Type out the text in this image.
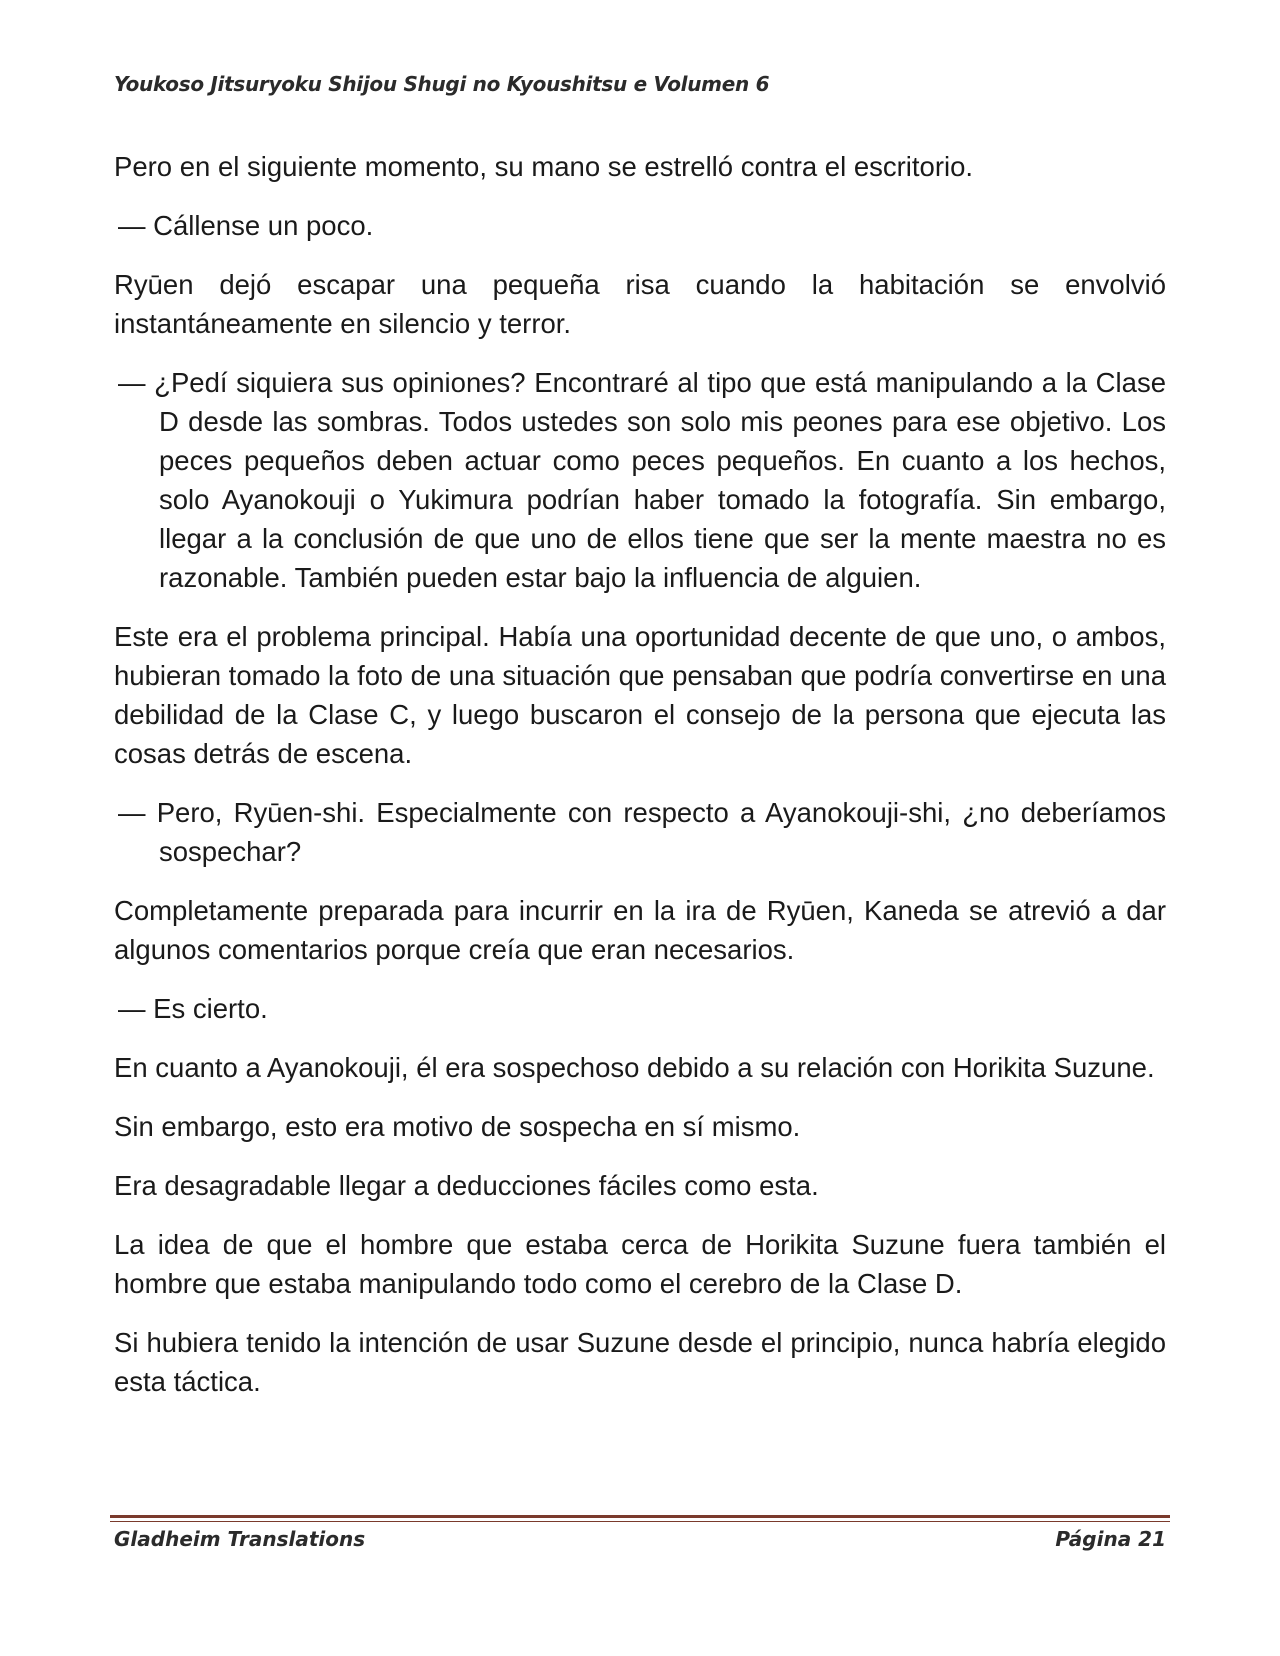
Youkoso Jitsuryoku Shijou Shugi no Kyoushitsu e Volumen 6

Pero en el siguiente momento, su mano se estrelló contra el escritorio.

— Cállense un poco.

Ryūen dejó escapar una pequeña risa cuando la habitación se envolvió instantáneamente en silencio y terror.

— ¿Pedí siquiera sus opiniones? Encontraré al tipo que está manipulando a la Clase D desde las sombras. Todos ustedes son solo mis peones para ese objetivo. Los peces pequeños deben actuar como peces pequeños. En cuanto a los hechos, solo Ayanokouji o Yukimura podrían haber tomado la fotografía. Sin embargo, llegar a la conclusión de que uno de ellos tiene que ser la mente maestra no es razonable. También pueden estar bajo la influencia de alguien.

Este era el problema principal. Había una oportunidad decente de que uno, o ambos, hubieran tomado la foto de una situación que pensaban que podría convertirse en una debilidad de la Clase C, y luego buscaron el consejo de la persona que ejecuta las cosas detrás de escena.

— Pero, Ryūen-shi. Especialmente con respecto a Ayanokouji-shi, ¿no deberíamos sospechar?

Completamente preparada para incurrir en la ira de Ryūen, Kaneda se atrevió a dar algunos comentarios porque creía que eran necesarios.

— Es cierto.

En cuanto a Ayanokouji, él era sospechoso debido a su relación con Horikita Suzune.

Sin embargo, esto era motivo de sospecha en sí mismo.

Era desagradable llegar a deducciones fáciles como esta.

La idea de que el hombre que estaba cerca de Horikita Suzune fuera también el hombre que estaba manipulando todo como el cerebro de la Clase D.

Si hubiera tenido la intención de usar Suzune desde el principio, nunca habría elegido esta táctica.

Gladheim Translations	Página 21
